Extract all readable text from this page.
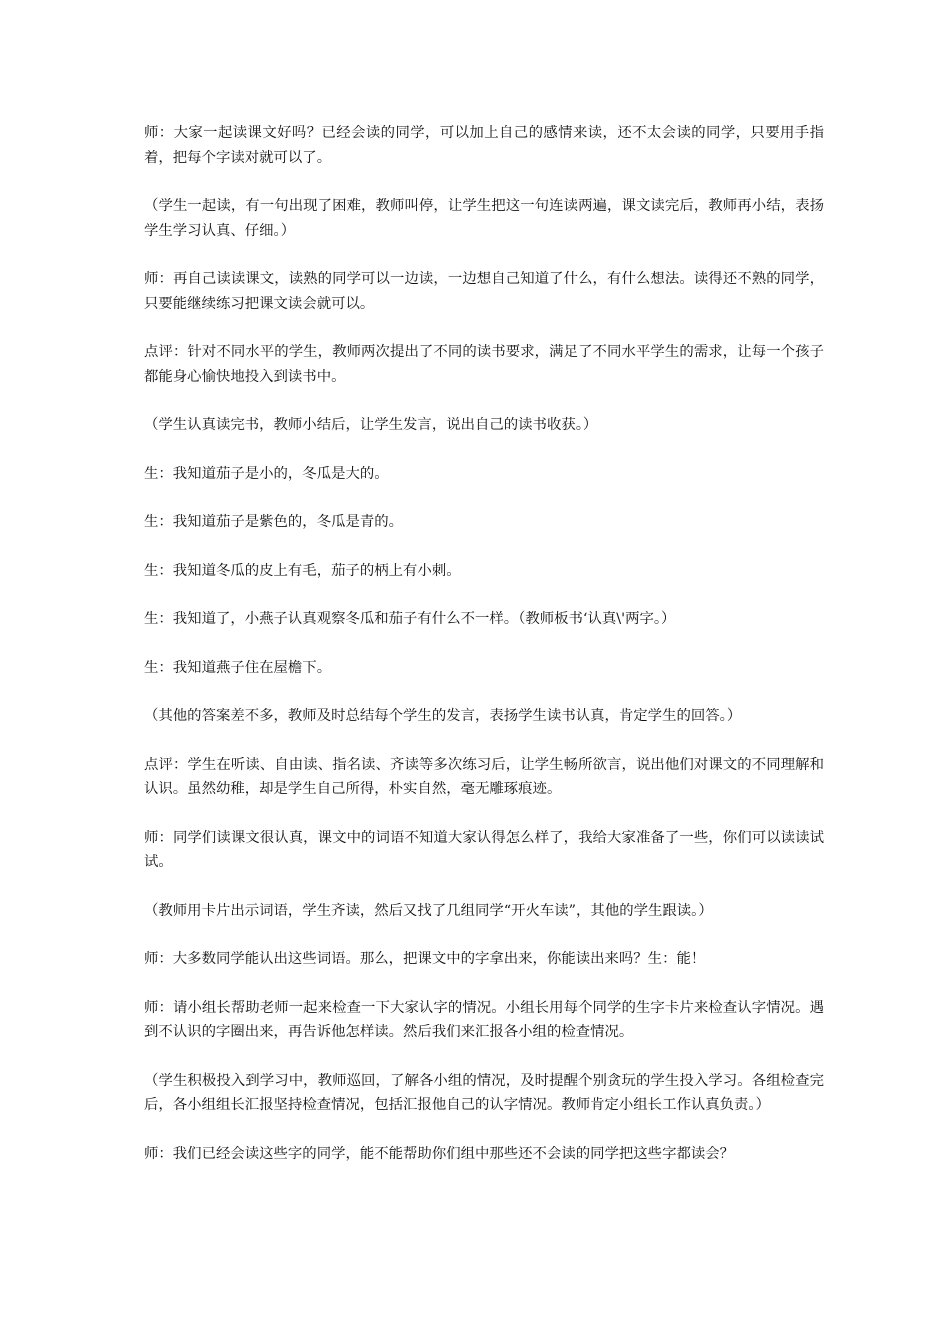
师：大家一起读课文好吗？已经会读的同学，可以加上自己的感情来读，还不太会读的同学，只要用手指着，把每个字读对就可以了。

（学生一起读，有一句出现了困难，教师叫停，让学生把这一句连读两遍，课文读完后，教师再小结，表扬学生学习认真、仔细。）

师：再自己读读课文，读熟的同学可以一边读，一边想自己知道了什么，有什么想法。读得还不熟的同学，只要能继续练习把课文读会就可以。

点评：针对不同水平的学生，教师两次提出了不同的读书要求，满足了不同水平学生的需求，让每一个孩子都能身心愉快地投入到读书中。

（学生认真读完书，教师小结后，让学生发言，说出自己的读书收获。）

生：我知道茄子是小的，冬瓜是大的。

生：我知道茄子是紫色的，冬瓜是青的。

生：我知道冬瓜的皮上有毛，茄子的柄上有小刺。

生：我知道了，小燕子认真观察冬瓜和茄子有什么不一样。（教师板书‘认真\'两字。）

生：我知道燕子住在屋檐下。

（其他的答案差不多，教师及时总结每个学生的发言，表扬学生读书认真，肯定学生的回答。）

点评：学生在听读、自由读、指名读、齐读等多次练习后，让学生畅所欲言，说出他们对课文的不同理解和认识。虽然幼稚，却是学生自己所得，朴实自然，毫无雕琢痕迹。

师：同学们读课文很认真，课文中的词语不知道大家认得怎么样了，我给大家准备了一些，你们可以读读试试。

（教师用卡片出示词语，学生齐读，然后又找了几组同学“开火车读”，其他的学生跟读。）

师：大多数同学能认出这些词语。那么，把课文中的字拿出来，你能读出来吗？生：能！

师：请小组长帮助老师一起来检查一下大家认字的情况。小组长用每个同学的生字卡片来检查认字情况。遇到不认识的字圈出来，再告诉他怎样读。然后我们来汇报各小组的检查情况。

（学生积极投入到学习中，教师巡回，了解各小组的情况，及时提醒个别贪玩的学生投入学习。各组检查完后，各小组组长汇报坚持检查情况，包括汇报他自己的认字情况。教师肯定小组长工作认真负责。）

师：我们已经会读这些字的同学，能不能帮助你们组中那些还不会读的同学把这些字都读会？
